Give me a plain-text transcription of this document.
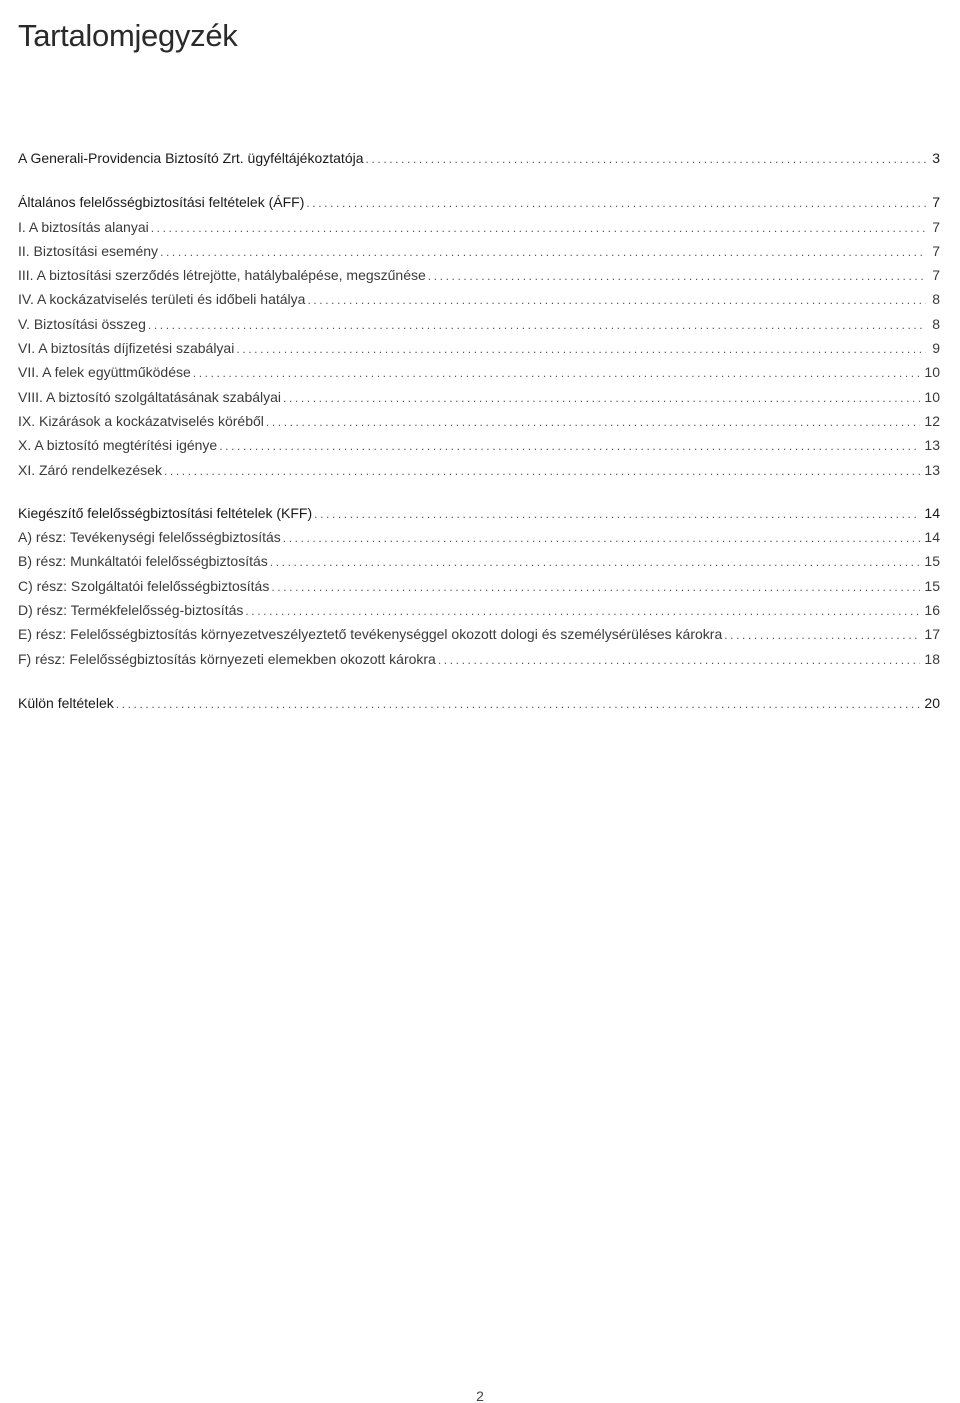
Tartalomjegyzék
A Generali-Providencia Biztosító Zrt. ügyféltájékoztatója .....	3
Általános felelősségbiztosítási feltételek (ÁFF) .....	7
I. A biztosítás alanyai .....	7
II. Biztosítási esemény .....	7
III. A biztosítási szerződés létrejötte, hatálybalépése, megszűnése .....	7
IV. A kockázatviselés területi és időbeli hatálya .....	8
V. Biztosítási összeg .....	8
VI. A biztosítás díjfizetési szabályai .....	9
VII. A felek együttműködése .....	10
VIII. A biztosító szolgáltatásának szabályai .....	10
IX. Kizárások a kockázatviselés köréből .....	12
X. A biztosító megtérítési igénye .....	13
XI. Záró rendelkezések .....	13
Kiegészítő felelősségbiztosítási feltételek (KFF) .....	14
A) rész: Tevékenységi felelősségbiztosítás .....	14
B) rész: Munkáltatói felelősségbiztosítás .....	15
C) rész: Szolgáltatói felelősségbiztosítás .....	15
D) rész: Termékfelelősség-biztosítás .....	16
E) rész: Felelősségbiztosítás környezetveszélyeztető tevékenységgel okozott dologi és személysérüléses károkra .....	17
F) rész: Felelősségbiztosítás környezeti elemekben okozott károkra .....	18
Külön feltételek .....	20
2
